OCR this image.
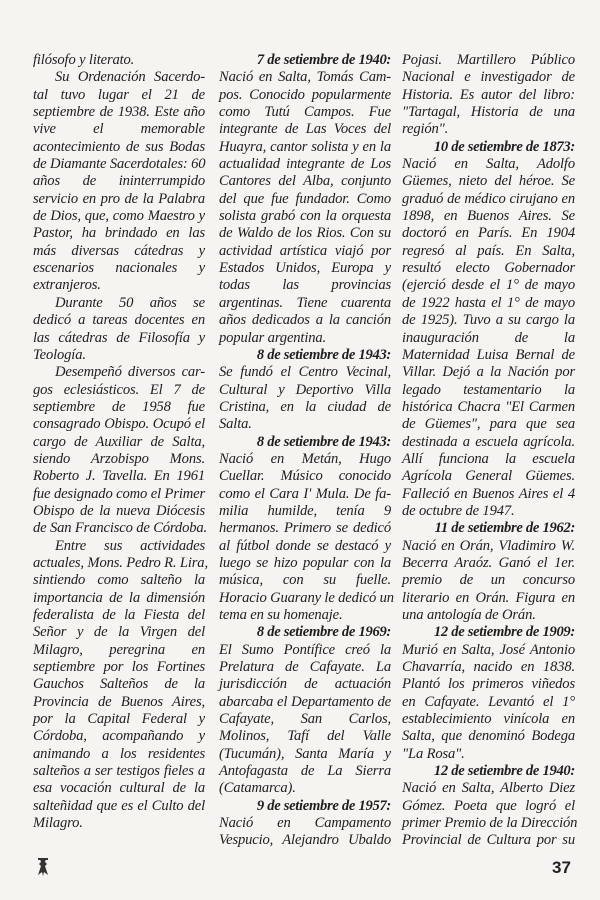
filósofo y literato.
Su Ordenación Sacerdo-
tal tuvo lugar el 21 de
septiembre de 1938. Este año
vive el memorable
acontecimiento de sus Bodas
de Diamante Sacerdotales: 60
años de ininterrumpido
servicio en pro de la Palabra
de Dios, que, como Maestro y
Pastor, ha brindado en las
más diversas cátedras y
escenarios nacionales y
extranjeros.
Durante 50 años se
dedicó a tareas docentes en
las cátedras de Filosofía y
Teología.
Desempeñó diversos car-
gos eclesiásticos. El 7 de
septiembre de 1958 fue
consagrado Obispo. Ocupó el
cargo de Auxiliar de Salta,
siendo Arzobispo Mons.
Roberto J. Tavella. En 1961
fue designado como el Primer
Obispo de la nueva Diócesis
de San Francisco de Córdoba.
Entre sus actividades
actuales, Mons. Pedro R. Lira,
sintiendo como salteño la
importancia de la dimensión
federalista de la Fiesta del
Señor y de la Virgen del
Milagro, peregrina en
septiembre por los Fortines
Gauchos Salteños de la
Provincia de Buenos Aires,
por la Capital Federal y
Córdoba, acompañando y
animando a los residentes
salteños a ser testigos fieles a
esa vocación cultural de la
salteñidad que es el Culto del
Milagro.
7 de setiembre de 1940:
Nació en Salta, Tomás Cam-
pos. Conocido popularmente
como Tutú Campos. Fue
integrante de Las Voces del
Huayra, cantor solista y en la
actualidad integrante de Los
Cantores del Alba, conjunto
del que fue fundador. Como
solista grabó con la orquesta
de Waldo de los Rios. Con su
actividad artística viajó por
Estados Unidos, Europa y
todas las provincias
argentinas. Tiene cuarenta
años dedicados a la canción
popular argentina.
8 de setiembre de 1943:
Se fundó el Centro Vecinal,
Cultural y Deportivo Villa
Cristina, en la ciudad de
Salta.
8 de setiembre de 1943:
Nació en Metán, Hugo
Cuellar. Músico conocido
como el Cara I' Mula. De fa-
milia humilde, tenía 9
hermanos. Primero se dedicó
al fútbol donde se destacó y
luego se hizo popular con la
música, con su fuelle.
Horacio Guarany le dedicó un
tema en su homenaje.
8 de setiembre de 1969:
El Sumo Pontífice creó la
Prelatura de Cafayate. La
jurisdicción de actuación
abarcaba el Departamento de
Cafayate, San Carlos,
Molinos, Tafí del Valle
(Tucumán), Santa María y
Antofagasta de La Sierra
(Catamarca).
9 de setiembre de 1957:
Nació en Campamento
Vespucio, Alejandro Ubaldo
Pojasi. Martillero Público
Nacional e investigador de
Historia. Es autor del libro:
"Tartagal, Historia de una
región".
10 de setiembre de 1873:
Nació en Salta, Adolfo
Güemes, nieto del héroe. Se
graduó de médico cirujano en
1898, en Buenos Aires. Se
doctoró en París. En 1904
regresó al país. En Salta,
resultó electo Gobernador
(ejerció desde el 1° de mayo
de 1922 hasta el 1° de mayo
de 1925). Tuvo a su cargo la
inauguración de la
Maternidad Luisa Bernal de
Villar. Dejó a la Nación por
legado testamentario la
histórica Chacra "El Carmen
de Güemes", para que sea
destinada a escuela agrícola.
Allí funciona la escuela
Agrícola General Güemes.
Falleció en Buenos Aires el 4
de octubre de 1947.
11 de setiembre de 1962:
Nació en Orán, Vladimiro W.
Becerra Araóz. Ganó el 1er.
premio de un concurso
literario en Orán. Figura en
una antología de Orán.
12 de setiembre de 1909:
Murió en Salta, José Antonio
Chavarría, nacido en 1838.
Plantó los primeros viñedos
en Cafayate. Levantó el 1°
establecimiento vinícola en
Salta, que denominó Bodega
"La Rosa".
12 de setiembre de 1940:
Nació en Salta, Alberto Diez
Gómez. Poeta que logró el
primer Premio de la Dirección
Provincial de Cultura por su
37
